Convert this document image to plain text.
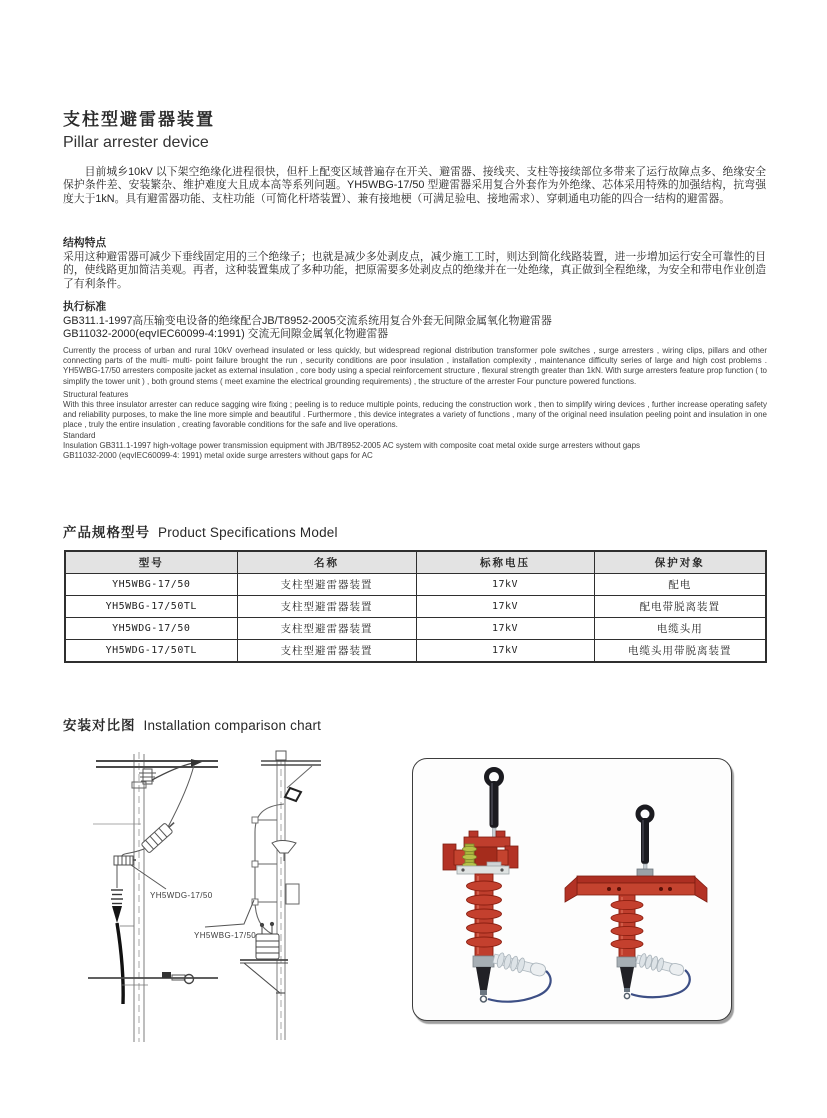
支柱型避雷器装置
Pillar arrester device
目前城乡10kV 以下架空绝缘化进程很快，但杆上配变区域普遍存在开关、避雷器、接线夹、支柱等接续部位多带来了运行故障点多、绝缘安全保护条件差、安装繁杂、维护难度大且成本高等系列问题。YH5WBG-17/50 型避雷器采用复合外套作为外绝缘、芯体采用特殊的加强结构，抗弯强度大于1kN。具有避雷器功能、支柱功能（可简化杆塔装置）、兼有接地梗（可满足验电、接地需求）、穿刺通电功能的四合一结构的避雷器。
结构特点
采用这种避雷器可减少下垂线固定用的三个绝缘子；也就是减少多处剥皮点，减少施工工时，则达到简化线路装置，进一步增加运行安全可靠性的目的，使线路更加简洁美观。再者，这种装置集成了多种功能，把原需要多处剥皮点的绝缘并在一处绝缘，真正做到全程绝缘，为安全和带电作业创造了有利条件。
执行标准
GB311.1-1997高压输变电设备的绝缘配合JB/T8952-2005交流系统用复合外套无间隙金属氧化物避雷器
GB11032-2000(eqvIEC60099-4:1991) 交流无间隙金属氧化物避雷器

Currently the process of urban and rural 10kV overhead insulated or less quickly, but widespread regional distribution transformer pole switches , surge arresters , wiring clips, pillars and other connecting parts of the multi- multi- point failure brought the run , security conditions are poor insulation , installation complexity , maintenance difficulty series of large and high cost problems . YH5WBG-17/50 arresters composite jacket as external insulation , core body using a special reinforcement structure , flexural strength greater than 1kN. With surge arresters feature prop function ( to simplify the tower unit ) , both ground stems ( meet examine the electrical grounding requirements) , the structure of the arrester Four puncture powered functions.

Structural features

With this three insulator arrester can reduce sagging wire fixing ; peeling is to reduce multiple points, reducing the construction work , then to simplify wiring devices , further increase operating safety and reliability purposes, to make the line more simple and beautiful . Furthermore , this device integrates a variety of functions , many of the original need insulation peeling point and insulation in one place , truly the entire insulation , creating favorable conditions for the safe and live operations.

Standard

Insulation GB311.1-1997 high-voltage power transmission equipment with JB/T8952-2005 AC system with composite coat metal oxide surge arresters without gaps

GB11032-2000 (eqvIEC60099-4: 1991) metal oxide surge arresters without gaps for AC

产品规格型号 Product Specifications Model
型号	名称	标称电压	保护对象
YH5WBG-17/50	支柱型避雷器装置	17kV	配电
YH5WBG-17/50TL	支柱型避雷器装置	17kV	配电带脱离装置
YH5WDG-17/50	支柱型避雷器装置	17kV	电缆头用
YH5WDG-17/50TL	支柱型避雷器装置	17kV	电缆头用带脱离装置
安装对比图 Installation comparison chart
YH5WDG-17/50
YH5WBG-17/50
